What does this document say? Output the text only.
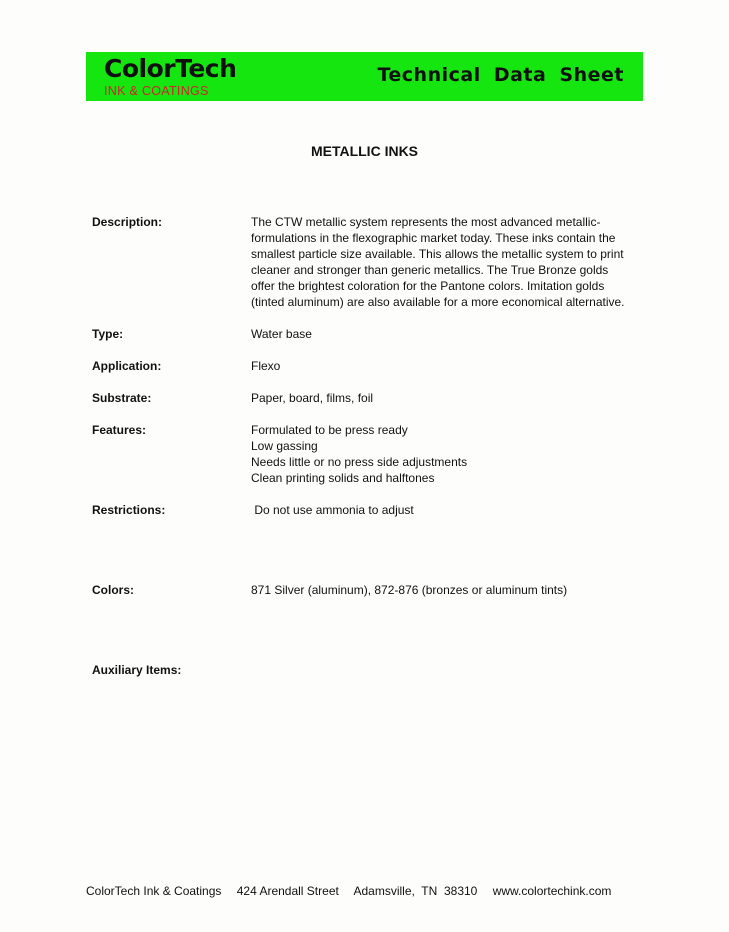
ColorTech
INK & COATINGS
Technical Data Sheet
METALLIC INKS
Description:	The CTW metallic system represents the most advanced metallic-
formulations in the flexographic market today. These inks contain the
smallest particle size available. This allows the metallic system to print
cleaner and stronger than generic metallics. The True Bronze golds
offer the brightest coloration for the Pantone colors. Imitation golds
(tinted aluminum) are also available for a more economical alternative.
Type:	Water base
Application:	Flexo
Substrate:	Paper, board, films, foil
Features:	Formulated to be press ready
Low gassing
Needs little or no press side adjustments
Clean printing solids and halftones
Restrictions:	Do not use ammonia to adjust
Colors:	871 Silver (aluminum), 872-876 (bronzes or aluminum tints)
Auxiliary Items:
ColorTech Ink & Coatings 424 Arendall Street Adamsville,  TN  38310 www.colortechink.com
